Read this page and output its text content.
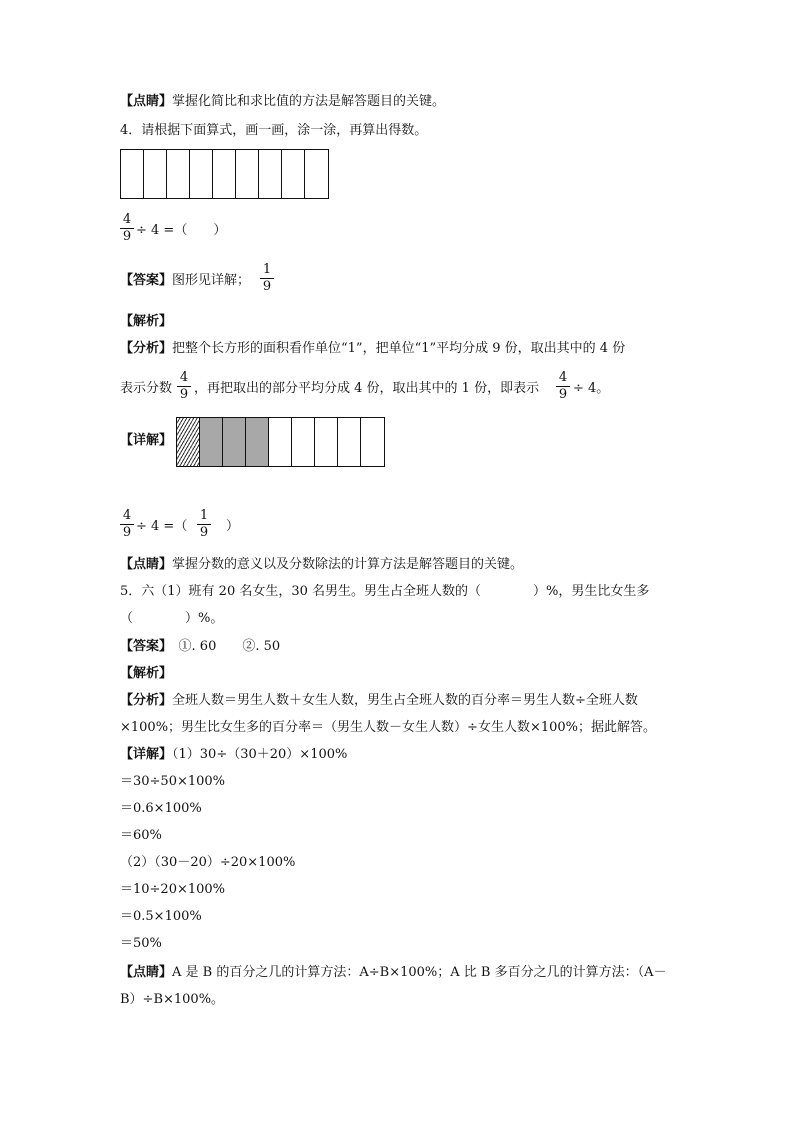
【点睛】掌握化简比和求比值的方法是解答题目的关键。
4．请根据下面算式，画一画，涂一涂，再算出得数。
$\frac{4}{9} \div 4$ =（　　）
【答案】图形见详解； $\frac{1}{9}$
【解析】
【分析】把整个长方形的面积看作单位“1”，把单位“1”平均分成 9 份，取出其中的 4 份
表示分数 $\frac{4}{9}$ ，再把取出的部分平均分成 4 份，取出其中的 1 份，即表示 $\frac{4}{9} \div 4$。
【详解】
$\frac{4}{9} \div 4$ =（ $\frac{1}{9}$ ）
【点睛】掌握分数的意义以及分数除法的计算方法是解答题目的关键。
5．六（1）班有 20 名女生，30 名男生。男生占全班人数的（　　　　）%，男生比女生多
（　　　　）%。
【答案】　 ①. 60　　②. 50
【解析】
【分析】全班人数＝男生人数＋女生人数，男生占全班人数的百分率＝男生人数÷全班人数
×100%；男生比女生多的百分率＝（男生人数－女生人数）÷女生人数×100%；据此解答。
【详解】（1）30÷（30＋20）×100%
＝30÷50×100%
＝0.6×100%
＝60%
（2）（30－20）÷20×100%
＝10÷20×100%
＝0.5×100%
＝50%
【点睛】A 是 B 的百分之几的计算方法：A÷B×100%；A 比 B 多百分之几的计算方法：（A－
B）÷B×100%。
